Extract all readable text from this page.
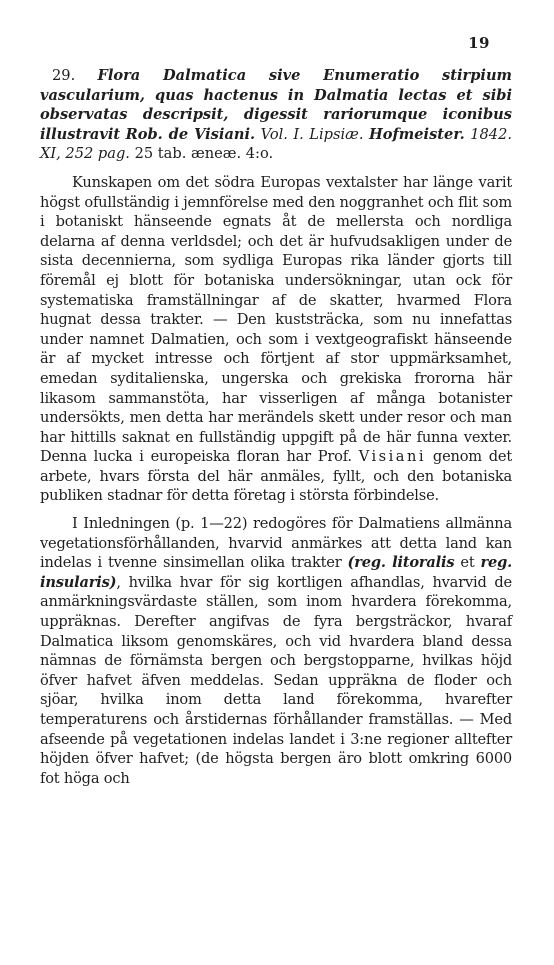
19

29. Flora Dalmatica sive Enumeratio stirpium vascularium, quas hactenus in Dalmatia lectas et sibi observatas descripsit, digessit rariorumque iconibus illustravit Rob. de Visiani. Vol. I. Lipsiæ. Hofmeister. 1842. XI, 252 pag. 25 tab. æneæ. 4:o.

Kunskapen om det södra Europas vextalster har länge varit högst ofullständig i jemnförelse med den noggranhet och flit som i botaniskt hänseende egnats åt de mellersta och nordliga delarna af denna verldsdel; och det är hufvudsakligen under de sista decennierna, som sydliga Europas rika länder gjorts till föremål ej blott för botaniska undersökningar, utan ock för systematiska framställningar af de skatter, hvarmed Flora hugnat dessa trakter. — Den kuststräcka, som nu innefattas under namnet Dalmatien, och som i vextgeografiskt hänseende är af mycket intresse och förtjent af stor uppmärksamhet, emedan syditalienska, ungerska och grekiska frororna här likasom sammanstöta, har visserligen af många botanister undersökts, men detta har merändels skett under resor och man har hittills saknat en fullständig uppgift på de här funna vexter. Denna lucka i europeiska floran har Prof. Visiani genom det arbete, hvars första del här anmäles, fyllt, och den botaniska publiken stadnar för detta företag i största förbindelse.

I Inledningen (p. 1—22) redogöres för Dalmatiens allmänna vegetationsförhållanden, hvarvid anmärkes att detta land kan indelas i tvenne sinsimellan olika trakter (reg. litoralis et reg. insularis), hvilka hvar för sig kortligen afhandlas, hvarvid de anmärkningsvärdaste ställen, som inom hvardera förekomma, uppräknas. Derefter angifvas de fyra bergsträckor, hvaraf Dalmatica liksom genomskäres, och vid hvardera bland dessa nämnas de förnämsta bergen och bergstopparne, hvilkas höjd öfver hafvet äfven meddelas. Sedan uppräkna de floder och sjöar, hvilka inom detta land förekomma, hvarefter temperaturens och årstidernas förhållander framställas. — Med afseende på vegetationen indelas landet i 3:ne regioner alltefter höjden öfver hafvet; (de högsta bergen äro blott omkring 6000 fot höga och
